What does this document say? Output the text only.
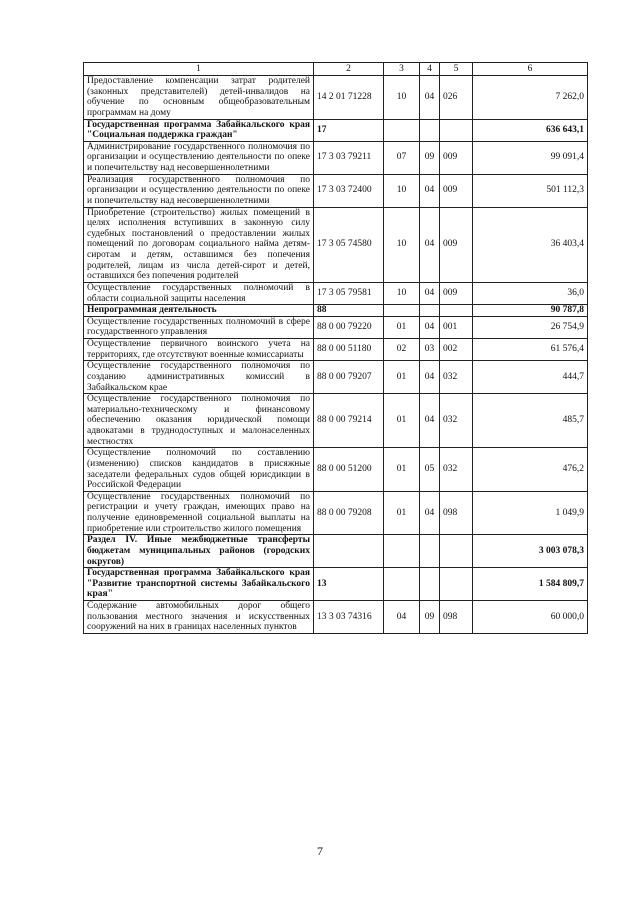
1	2	3	4	5	6
Предоставление компенсации затрат родителей (законных представителей) детей-инвалидов на обучение по основным общеобразовательным программам на дому	14 2 01 71228	10	04	026	7 262,0
Государственная программа Забайкальского края "Социальная поддержка граждан"	17				636 643,1
Администрирование государственного полномочия по организации и осуществлению деятельности по опеке и попечительству над несовершеннолетними	17 3 03 79211	07	09	009	99 091,4
Реализация государственного полномочия по организации и осуществлению деятельности по опеке и попечительству над несовершеннолетними	17 3 03 72400	10	04	009	501 112,3
Приобретение (строительство) жилых помещений в целях исполнения вступивших в законную силу судебных постановлений о предоставлении жилых помещений по договорам социального найма детям-сиротам и детям, оставшимся без попечения родителей, лицам из числа детей-сирот и детей, оставшихся без попечения родителей	17 3 05 74580	10	04	009	36 403,4
Осуществление государственных полномочий в области социальной защиты населения	17 3 05 79581	10	04	009	36,0
Непрограммная деятельность	88				90 787,8
Осуществление государственных полномочий в сфере государственного управления	88 0 00 79220	01	04	001	26 754,9
Осуществление первичного воинского учета на территориях, где отсутствуют военные комиссариаты	88 0 00 51180	02	03	002	61 576,4
Осуществление государственного полномочия по созданию административных комиссий в Забайкальском крае	88 0 00 79207	01	04	032	444,7
Осуществление государственного полномочия по материально-техническому и финансовому обеспечению оказания юридической помощи адвокатами в труднодоступных и малонаселенных местностях	88 0 00 79214	01	04	032	485,7
Осуществление полномочий по составлению (изменению) списков кандидатов в присяжные заседатели федеральных судов общей юрисдикции в Российской Федерации	88 0 00 51200	01	05	032	476,2
Осуществление государственных полномочий по регистрации и учету граждан, имеющих право на получение единовременной социальной выплаты на приобретение или строительство жилого помещения	88 0 00 79208	01	04	098	1 049,9
Раздел IV. Иные межбюджетные трансферты бюджетам муниципальных районов (городских округов)					3 003 078,3
Государственная программа Забайкальского края "Развитие транспортной системы Забайкальского края"	13				1 584 809,7
Содержание автомобильных дорог общего пользования местного значения и искусственных сооружений на них в границах населенных пунктов	13 3 03 74316	04	09	098	60 000,0
7
